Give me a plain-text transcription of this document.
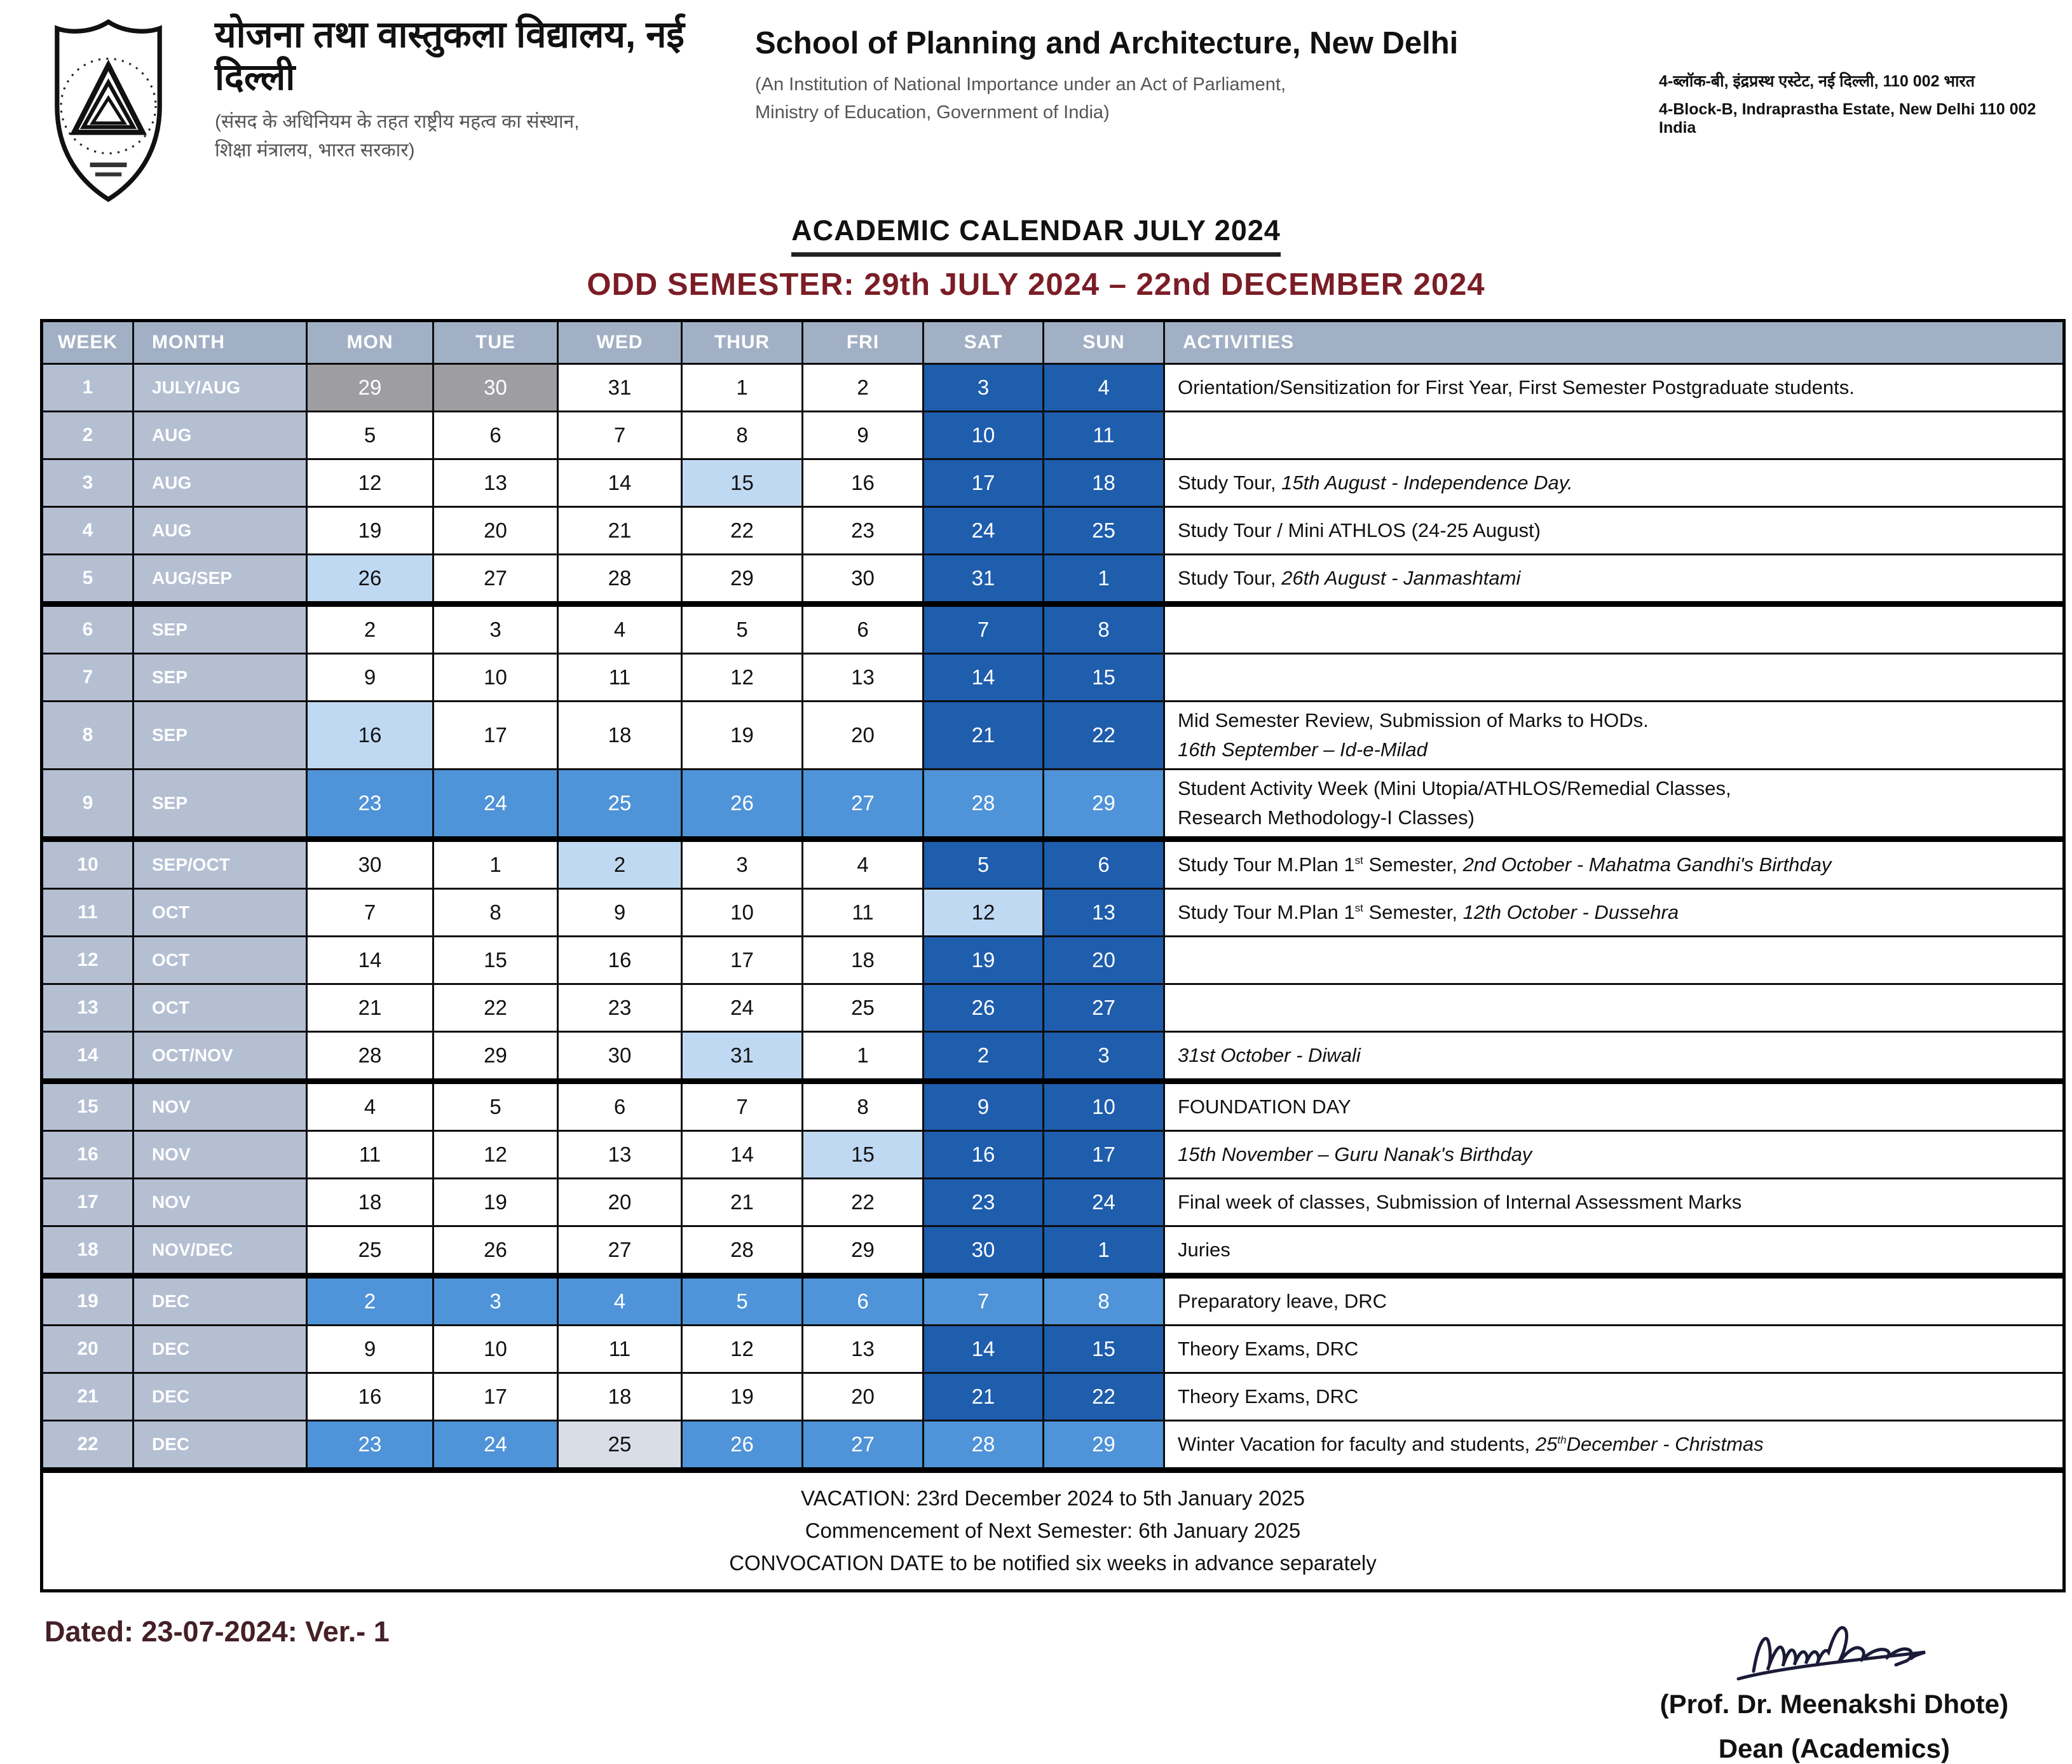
योजना तथा वास्तुकला विद्यालय, नई दिल्ली
(संसद के अधिनियम के तहत राष्ट्रीय महत्व का संस्थान,
शिक्षा मंत्रालय, भारत सरकार)
School of Planning and Architecture, New Delhi
(An Institution of National Importance under an Act of Parliament,
Ministry of Education, Government of India)
4-ब्लॉक-बी, इंद्रप्रस्थ एस्टेट, नई दिल्ली, 110 002 भारत
4-Block-B, Indraprastha Estate, New Delhi 110 002 India
ACADEMIC CALENDAR JULY 2024
ODD SEMESTER: 29th JULY 2024 – 22nd DECEMBER 2024
WEEK	MONTH	MON	TUE	WED	THUR	FRI	SAT	SUN	ACTIVITIES
1	JULY/AUG	29	30	31	1	2	3	4	Orientation/Sensitization for First Year, First Semester Postgraduate students.

2	AUG	5	6	7	8	9	10	11	
3	AUG	12	13	14	15	16	17	18	Study Tour, 15th August - Independence Day.

4	AUG	19	20	21	22	23	24	25	Study Tour / Mini ATHLOS (24-25 August)

5	AUG/SEP	26	27	28	29	30	31	1	Study Tour, 26th August - Janmashtami

6	SEP	2	3	4	5	6	7	8	
7	SEP	9	10	11	12	13	14	15	
8	SEP	16	17	18	19	20	21	22	Mid Semester Review, Submission of Marks to HODs.
16th September – Id-e-Milad

9	SEP	23	24	25	26	27	28	29	Student Activity Week (Mini Utopia/ATHLOS/Remedial Classes,
Research Methodology-I Classes)

10	SEP/OCT	30	1	2	3	4	5	6	Study Tour M.Plan 1st Semester, 2nd October - Mahatma Gandhi's Birthday

11	OCT	7	8	9	10	11	12	13	Study Tour M.Plan 1st Semester, 12th October - Dussehra

12	OCT	14	15	16	17	18	19	20	
13	OCT	21	22	23	24	25	26	27	
14	OCT/NOV	28	29	30	31	1	2	3	31st October - Diwali

15	NOV	4	5	6	7	8	9	10	FOUNDATION DAY

16	NOV	11	12	13	14	15	16	17	15th November – Guru Nanak's Birthday

17	NOV	18	19	20	21	22	23	24	Final week of classes, Submission of Internal Assessment Marks

18	NOV/DEC	25	26	27	28	29	30	1	Juries

19	DEC	2	3	4	5	6	7	8	Preparatory leave, DRC

20	DEC	9	10	11	12	13	14	15	Theory Exams, DRC

21	DEC	16	17	18	19	20	21	22	Theory Exams, DRC

22	DEC	23	24	25	26	27	28	29	Winter Vacation for faculty and students, 25thDecember - Christmas

VACATION: 23rd December 2024 to 5th January 2025
Commencement of Next Semester: 6th January 2025
CONVOCATION DATE to be notified six weeks in advance separately									
Dated: 23-07-2024: Ver.- 1
(Prof. Dr. Meenakshi Dhote)
Dean (Academics)
